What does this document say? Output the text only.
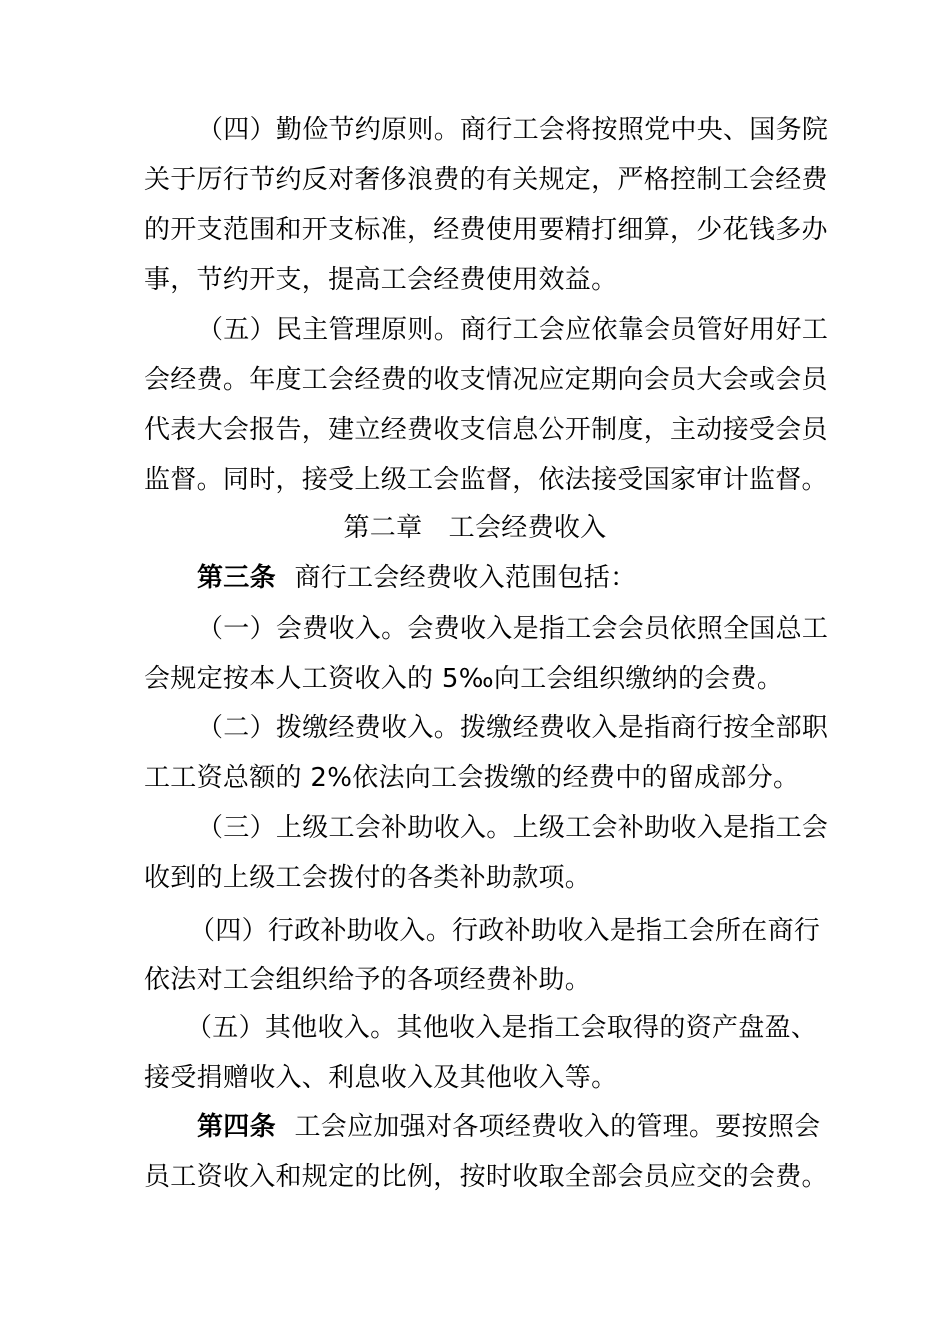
（四）勤俭节约原则。商行工会将按照党中央、国务院
关于厉行节约反对奢侈浪费的有关规定，严格控制工会经费
的开支范围和开支标准，经费使用要精打细算，少花钱多办
事，节约开支，提高工会经费使用效益。
（五）民主管理原则。商行工会应依靠会员管好用好工
会经费。年度工会经费的收支情况应定期向会员大会或会员
代表大会报告，建立经费收支信息公开制度，主动接受会员
监督。同时，接受上级工会监督，依法接受国家审计监督。
第二章　工会经费收入
第三条 商行工会经费收入范围包括：
（一）会费收入。会费收入是指工会会员依照全国总工
会规定按本人工资收入的 5‰向工会组织缴纳的会费。
（二）拨缴经费收入。拨缴经费收入是指商行按全部职
工工资总额的 2%依法向工会拨缴的经费中的留成部分。
（三）上级工会补助收入。上级工会补助收入是指工会
收到的上级工会拨付的各类补助款项。
（四）行政补助收入。行政补助收入是指工会所在商行
依法对工会组织给予的各项经费补助。
（五）其他收入。其他收入是指工会取得的资产盘盈、
接受捐赠收入、利息收入及其他收入等。
第四条 工会应加强对各项经费收入的管理。要按照会
员工资收入和规定的比例，按时收取全部会员应交的会费。
